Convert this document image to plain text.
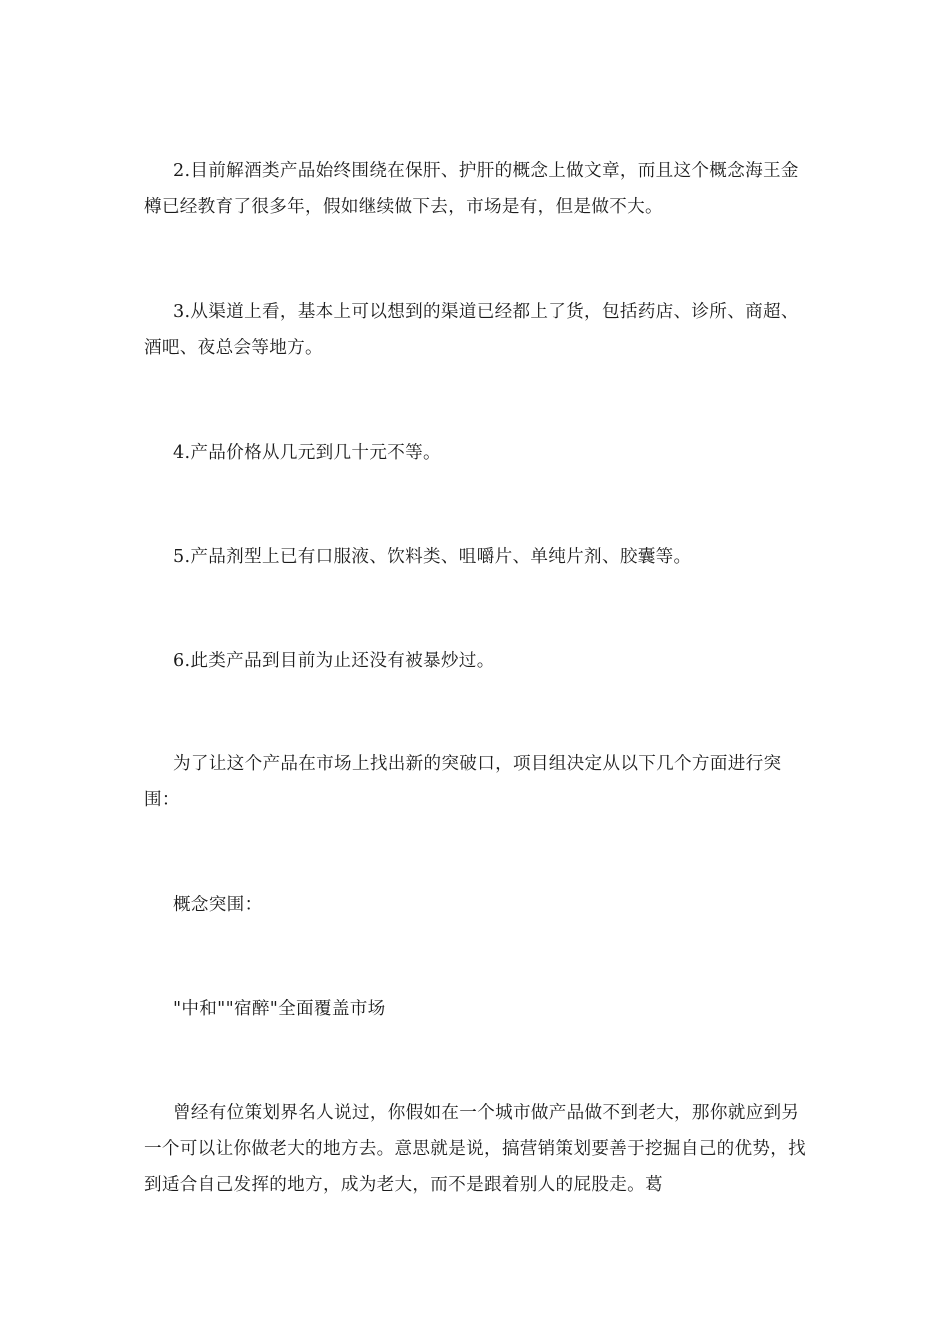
2.目前解酒类产品始终围绕在保肝、护肝的概念上做文章，而且这个概念海王金樽已经教育了很多年，假如继续做下去，市场是有，但是做不大。

3.从渠道上看，基本上可以想到的渠道已经都上了货，包括药店、诊所、商超、酒吧、夜总会等地方。

4.产品价格从几元到几十元不等。

5.产品剂型上已有口服液、饮料类、咀嚼片、单纯片剂、胶囊等。

6.此类产品到目前为止还没有被暴炒过。

为了让这个产品在市场上找出新的突破口，项目组决定从以下几个方面进行突围：

概念突围：

"中和""宿醉"全面覆盖市场

曾经有位策划界名人说过，你假如在一个城市做产品做不到老大，那你就应到另一个可以让你做老大的地方去。意思就是说，搞营销策划要善于挖掘自己的优势，找到适合自己发挥的地方，成为老大，而不是跟着别人的屁股走。葛
